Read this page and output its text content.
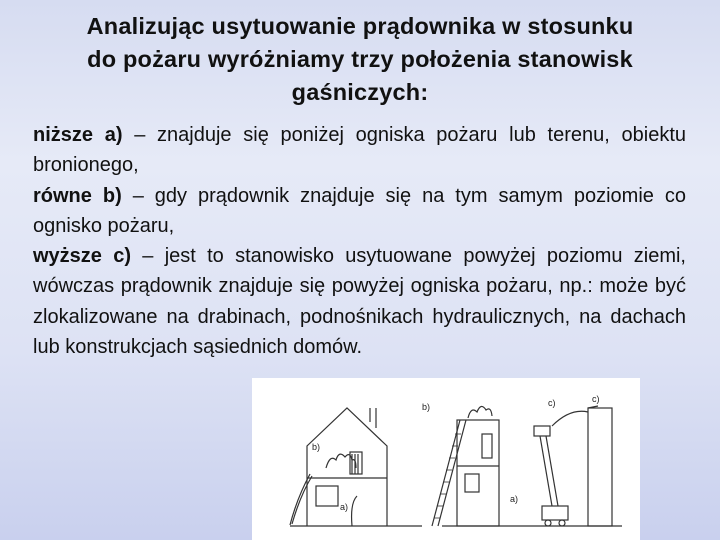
Analizując usytuowanie prądownika w stosunku
do pożaru wyróżniamy trzy położenia stanowisk
gaśniczych:

niższe a) – znajduje się poniżej ogniska pożaru lub terenu, obiektu bronionego,

równe b) – gdy prądownik znajduje się na tym samym poziomie co ognisko pożaru,

wyższe c) – jest to stanowisko usytuowane powyżej poziomu ziemi, wówczas prądownik znajduje się powyżej ogniska pożaru, np.: może być zlokalizowane na drabinach, podnośnikach hydraulicznych, na dachach lub konstrukcjach sąsiednich domów.

b)
b)
a)
a)
c)	c)
